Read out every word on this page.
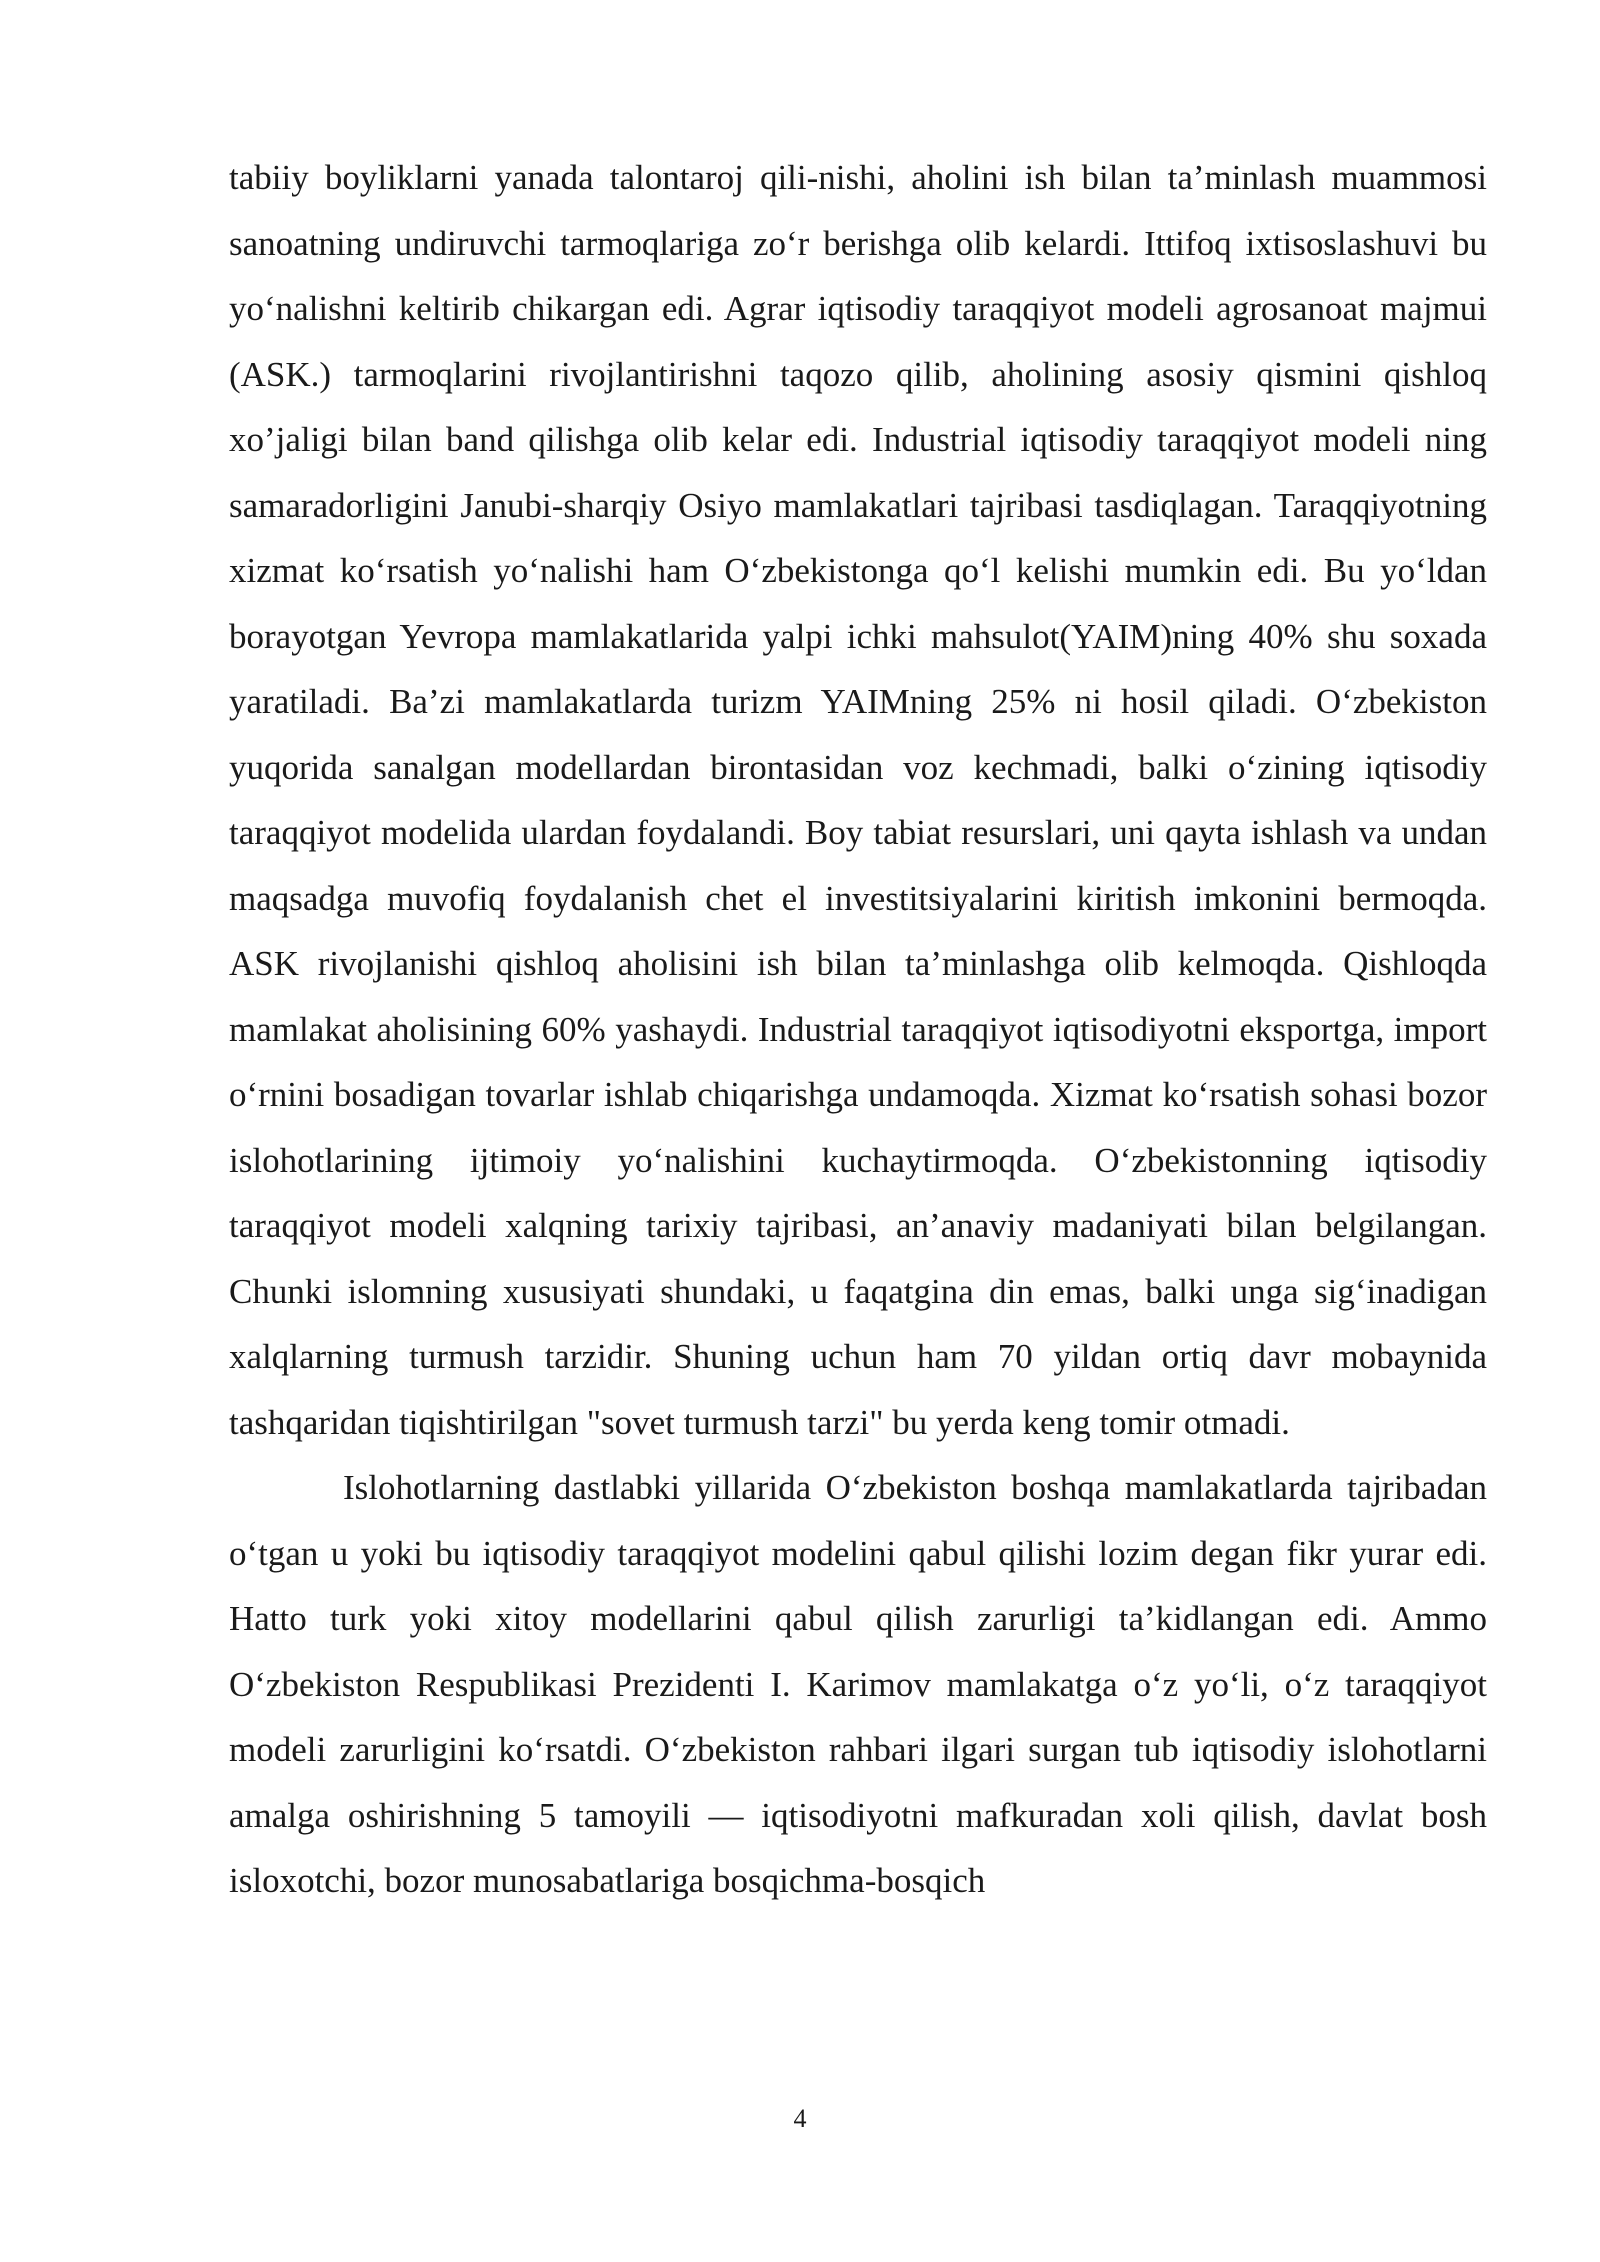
tabiiy boyliklarni yanada talontaroj qili-nishi, aholini ish bilan ta’minlash muammosi sanoatning undiruvchi tarmoqlariga zo‘r berishga olib kelardi. Ittifoq ixtisoslashuvi bu yo‘nalishni keltirib chikargan edi. Agrar iqtisodiy taraqqiyot modeli agrosanoat majmui (ASK.) tarmoqlarini rivojlantirishni taqozo qilib, aholining asosiy qismini qishloq xo’jaligi bilan band qilishga olib kelar edi. Industrial iqtisodiy taraqqiyot modeli ning samaradorligini Janubi-sharqiy Osiyo mamlakatlari tajribasi tasdiqlagan. Taraqqiyotning xizmat ko‘rsatish yo‘nalishi ham O‘zbekistonga qo‘l kelishi mumkin edi. Bu yo‘ldan borayotgan Yevropa mamlakatlarida yalpi ichki mahsulot(YAIM)ning 40% shu soxada yaratiladi. Ba’zi mamlakatlarda turizm YAIMning 25% ni hosil qiladi. O‘zbekiston yuqorida sanalgan modellardan birontasidan voz kechmadi, balki o‘zining iqtisodiy taraqqiyot modelida ulardan foydalandi. Boy tabiat resurslari, uni qayta ishlash va undan maqsadga muvofiq foydalanish chet el investitsiyalarini kiritish imkonini bermoqda. ASK rivojlanishi qishloq aholisini ish bilan ta’minlashga olib kelmoqda. Qishloqda mamlakat aholisining 60% yashaydi. Industrial taraqqiyot iqtisodiyotni eksportga, import o‘rnini bosadigan tovarlar ishlab chiqarishga undamoqda. Xizmat ko‘rsatish sohasi bozor islohotlarining ijtimoiy yo‘nalishini kuchaytirmoqda. O‘zbekistonning iqtisodiy taraqqiyot modeli xalqning tarixiy tajribasi, an’anaviy madaniyati bilan belgilangan. Chunki islomning xususiyati shundaki, u faqatgina din emas, balki unga sig‘inadigan xalqlarning turmush tarzidir. Shuning uchun ham 70 yildan ortiq davr mobaynida tashqaridan tiqishtirilgan "sovet turmush tarzi" bu yerda keng tomir otmadi.

Islohotlarning dastlabki yillarida O‘zbekiston boshqa mamlakatlarda tajribadan o‘tgan u yoki bu iqtisodiy taraqqiyot modelini qabul qilishi lozim degan fikr yurar edi. Hatto turk yoki xitoy modellarini qabul qilish zarurligi ta’kidlangan edi. Ammo O‘zbekiston Respublikasi Prezidenti I. Karimov mamlakatga o‘z yo‘li, o‘z taraqqiyot modeli zarurligini ko‘rsatdi. O‘zbekiston rahbari ilgari surgan tub iqtisodiy islohotlarni amalga oshirishning 5 tamoyili — iqtisodiyotni mafkuradan xoli qilish, davlat bosh isloxotchi, bozor munosabatlariga bosqichma-bosqich

4
